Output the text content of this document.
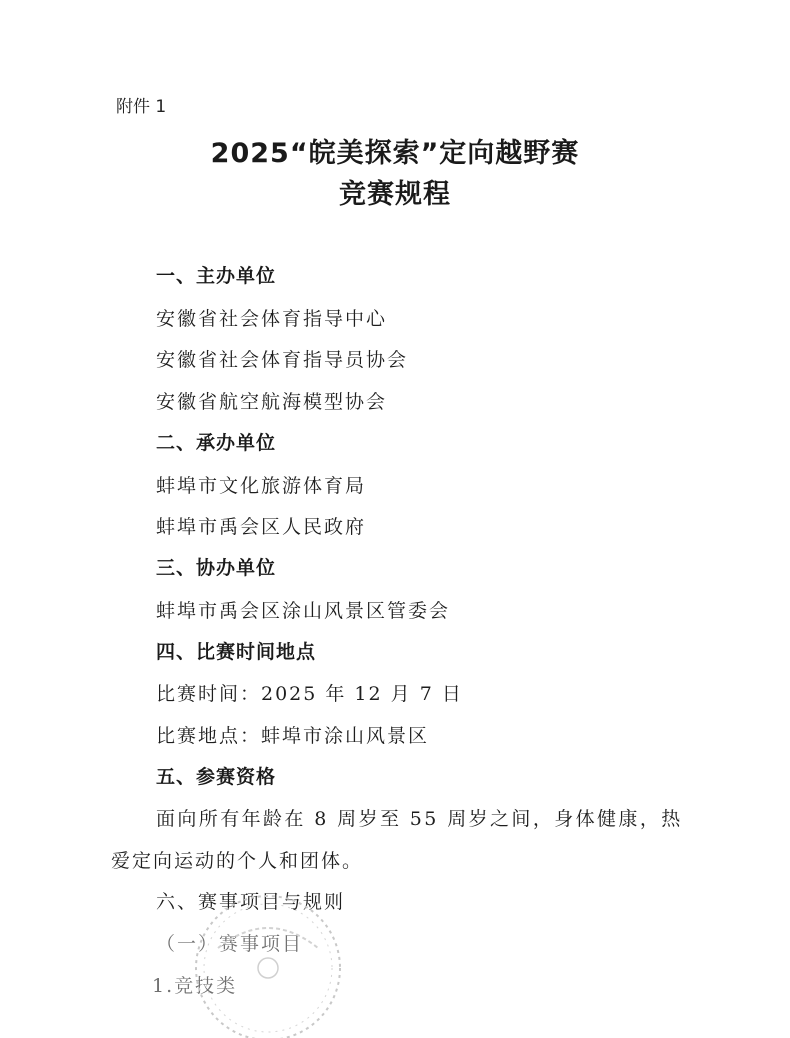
附件 1
2025“皖美探索”定向越野赛
竞赛规程
一、主办单位
安徽省社会体育指导中心
安徽省社会体育指导员协会
安徽省航空航海模型协会
二、承办单位
蚌埠市文化旅游体育局
蚌埠市禹会区人民政府
三、协办单位
蚌埠市禹会区涂山风景区管委会
四、比赛时间地点
比赛时间：2025 年 12 月 7 日
比赛地点：蚌埠市涂山风景区
五、参赛资格
面向所有年龄在 8 周岁至 55 周岁之间，身体健康，热
爱定向运动的个人和团体。
六、赛事项目与规则
（一）赛事项目
1.竞技类
